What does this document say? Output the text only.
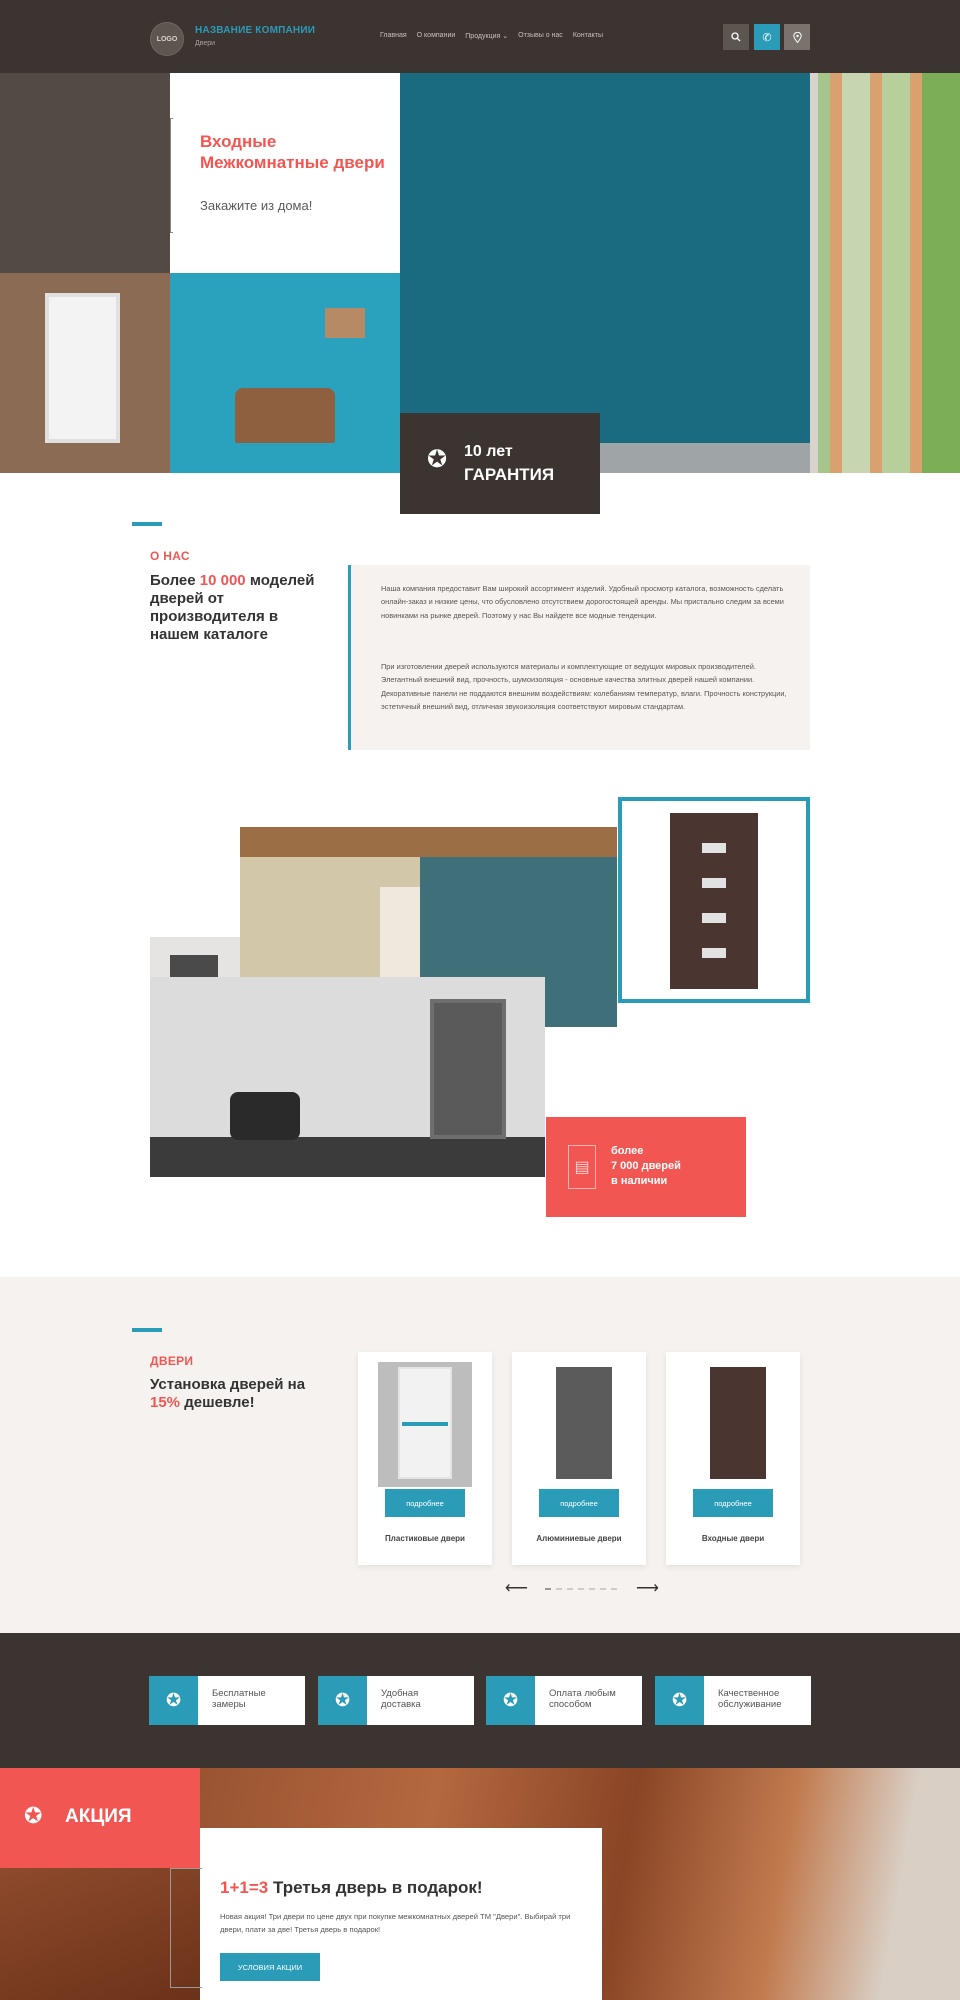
LOGO
НАЗВАНИЕ КОМПАНИИ
Двери
Главная О компании Продукция ⌄ Отзывы о нас Контакты	✆
Входные Межкомнатные двери
Закажите из дома!
✪	10 лет
ГАРАНТИЯ
О НАС
Более 10 000 моделей дверей от производителя в нашем каталоге

Наша компания предоставит Вам широкий ассортимент изделий. Удобный просмотр каталога, возможность сделать онлайн-заказ и низкие цены, что обусловлено отсутствием дорогостоящей аренды. Мы пристально следим за всеми новинками на рынке дверей. Поэтому у нас Вы найдете все модные тенденции.

При изготовлении дверей используются материалы и комплектующие от ведущих мировых производителей. Элегантный внешний вид, прочность, шумоизоляция - основные качества элитных дверей нашей компании. Декоративные панели не поддаются внешним воздействиям: колебаниям температур, влаги. Прочность конструкции, эстетичный внешний вид, отличная звукоизоляция соответствуют мировым стандартам.

▤
более
7 000 дверей
в наличии
ДВЕРИ
Установка дверей на 15% дешевле!
подробнее
Пластиковые двери
подробнее
Алюминиевые двери
подробнее
Входные двери
⟵	⟶
✪	Бесплатные
замеры	✪	Удобная
доставка	✪	Оплата любым
способом	✪	Качественное
обслуживание
✪ АКЦИЯ
1+1=3 Третья дверь в подарок!
Новая акция! Три двери по цене двух при покупке межкомнатных дверей ТМ "Двери". Выбирай три двери, плати за две! Третья дверь в подарок!
УСЛОВИЯ АКЦИИ
